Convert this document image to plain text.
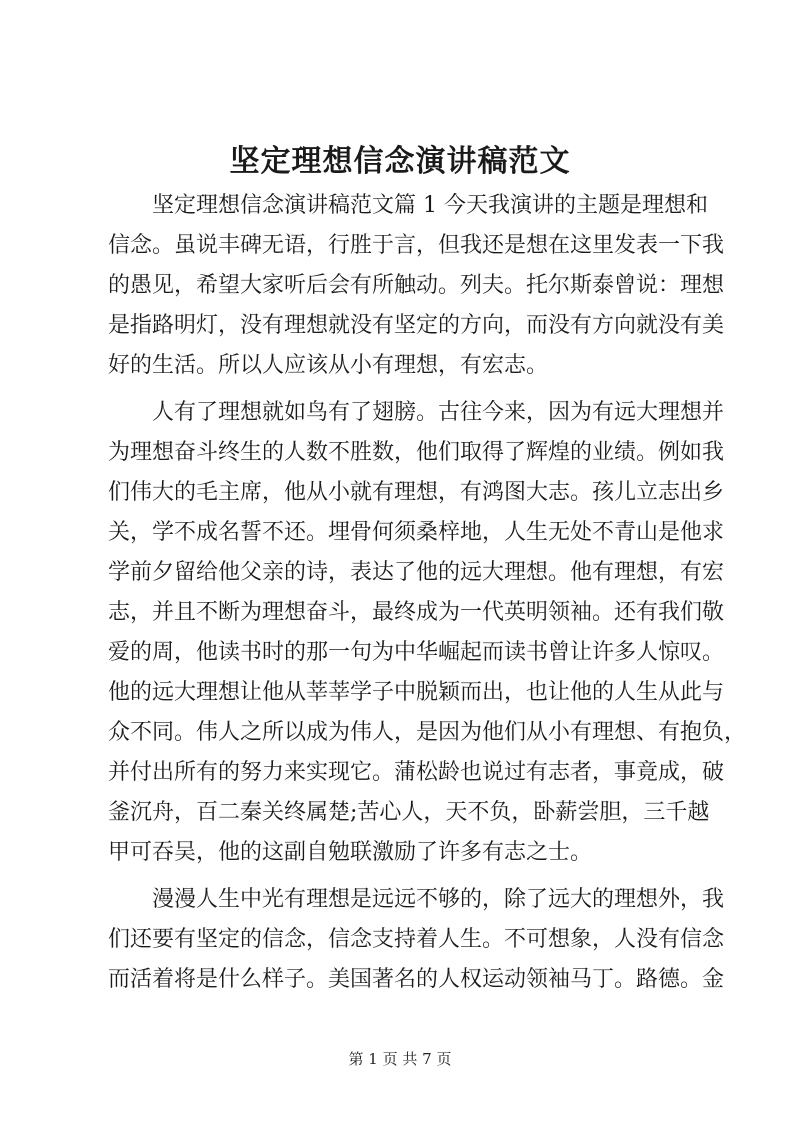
坚定理想信念演讲稿范文
　　坚定理想信念演讲稿范文篇 1 今天我演讲的主题是理想和
信念。虽说丰碑无语，行胜于言，但我还是想在这里发表一下我
的愚见，希望大家听后会有所触动。列夫。托尔斯泰曾说：理想
是指路明灯，没有理想就没有坚定的方向，而没有方向就没有美
好的生活。所以人应该从小有理想，有宏志。
　　人有了理想就如鸟有了翅膀。古往今来，因为有远大理想并
为理想奋斗终生的人数不胜数，他们取得了辉煌的业绩。例如我
们伟大的毛主席，他从小就有理想，有鸿图大志。孩儿立志出乡
关，学不成名誓不还。埋骨何须桑梓地，人生无处不青山是他求
学前夕留给他父亲的诗，表达了他的远大理想。他有理想，有宏
志，并且不断为理想奋斗，最终成为一代英明领袖。还有我们敬
爱的周，他读书时的那一句为中华崛起而读书曾让许多人惊叹。
他的远大理想让他从莘莘学子中脱颖而出，也让他的人生从此与
众不同。伟人之所以成为伟人，是因为他们从小有理想、有抱负，
并付出所有的努力来实现它。蒲松龄也说过有志者，事竟成，破
釜沉舟，百二秦关终属楚;苦心人，天不负，卧薪尝胆，三千越
甲可吞吴，他的这副自勉联激励了许多有志之士。
　　漫漫人生中光有理想是远远不够的，除了远大的理想外，我
们还要有坚定的信念，信念支持着人生。不可想象，人没有信念
而活着将是什么样子。美国著名的人权运动领袖马丁。路德。金
第 1 页 共 7 页
